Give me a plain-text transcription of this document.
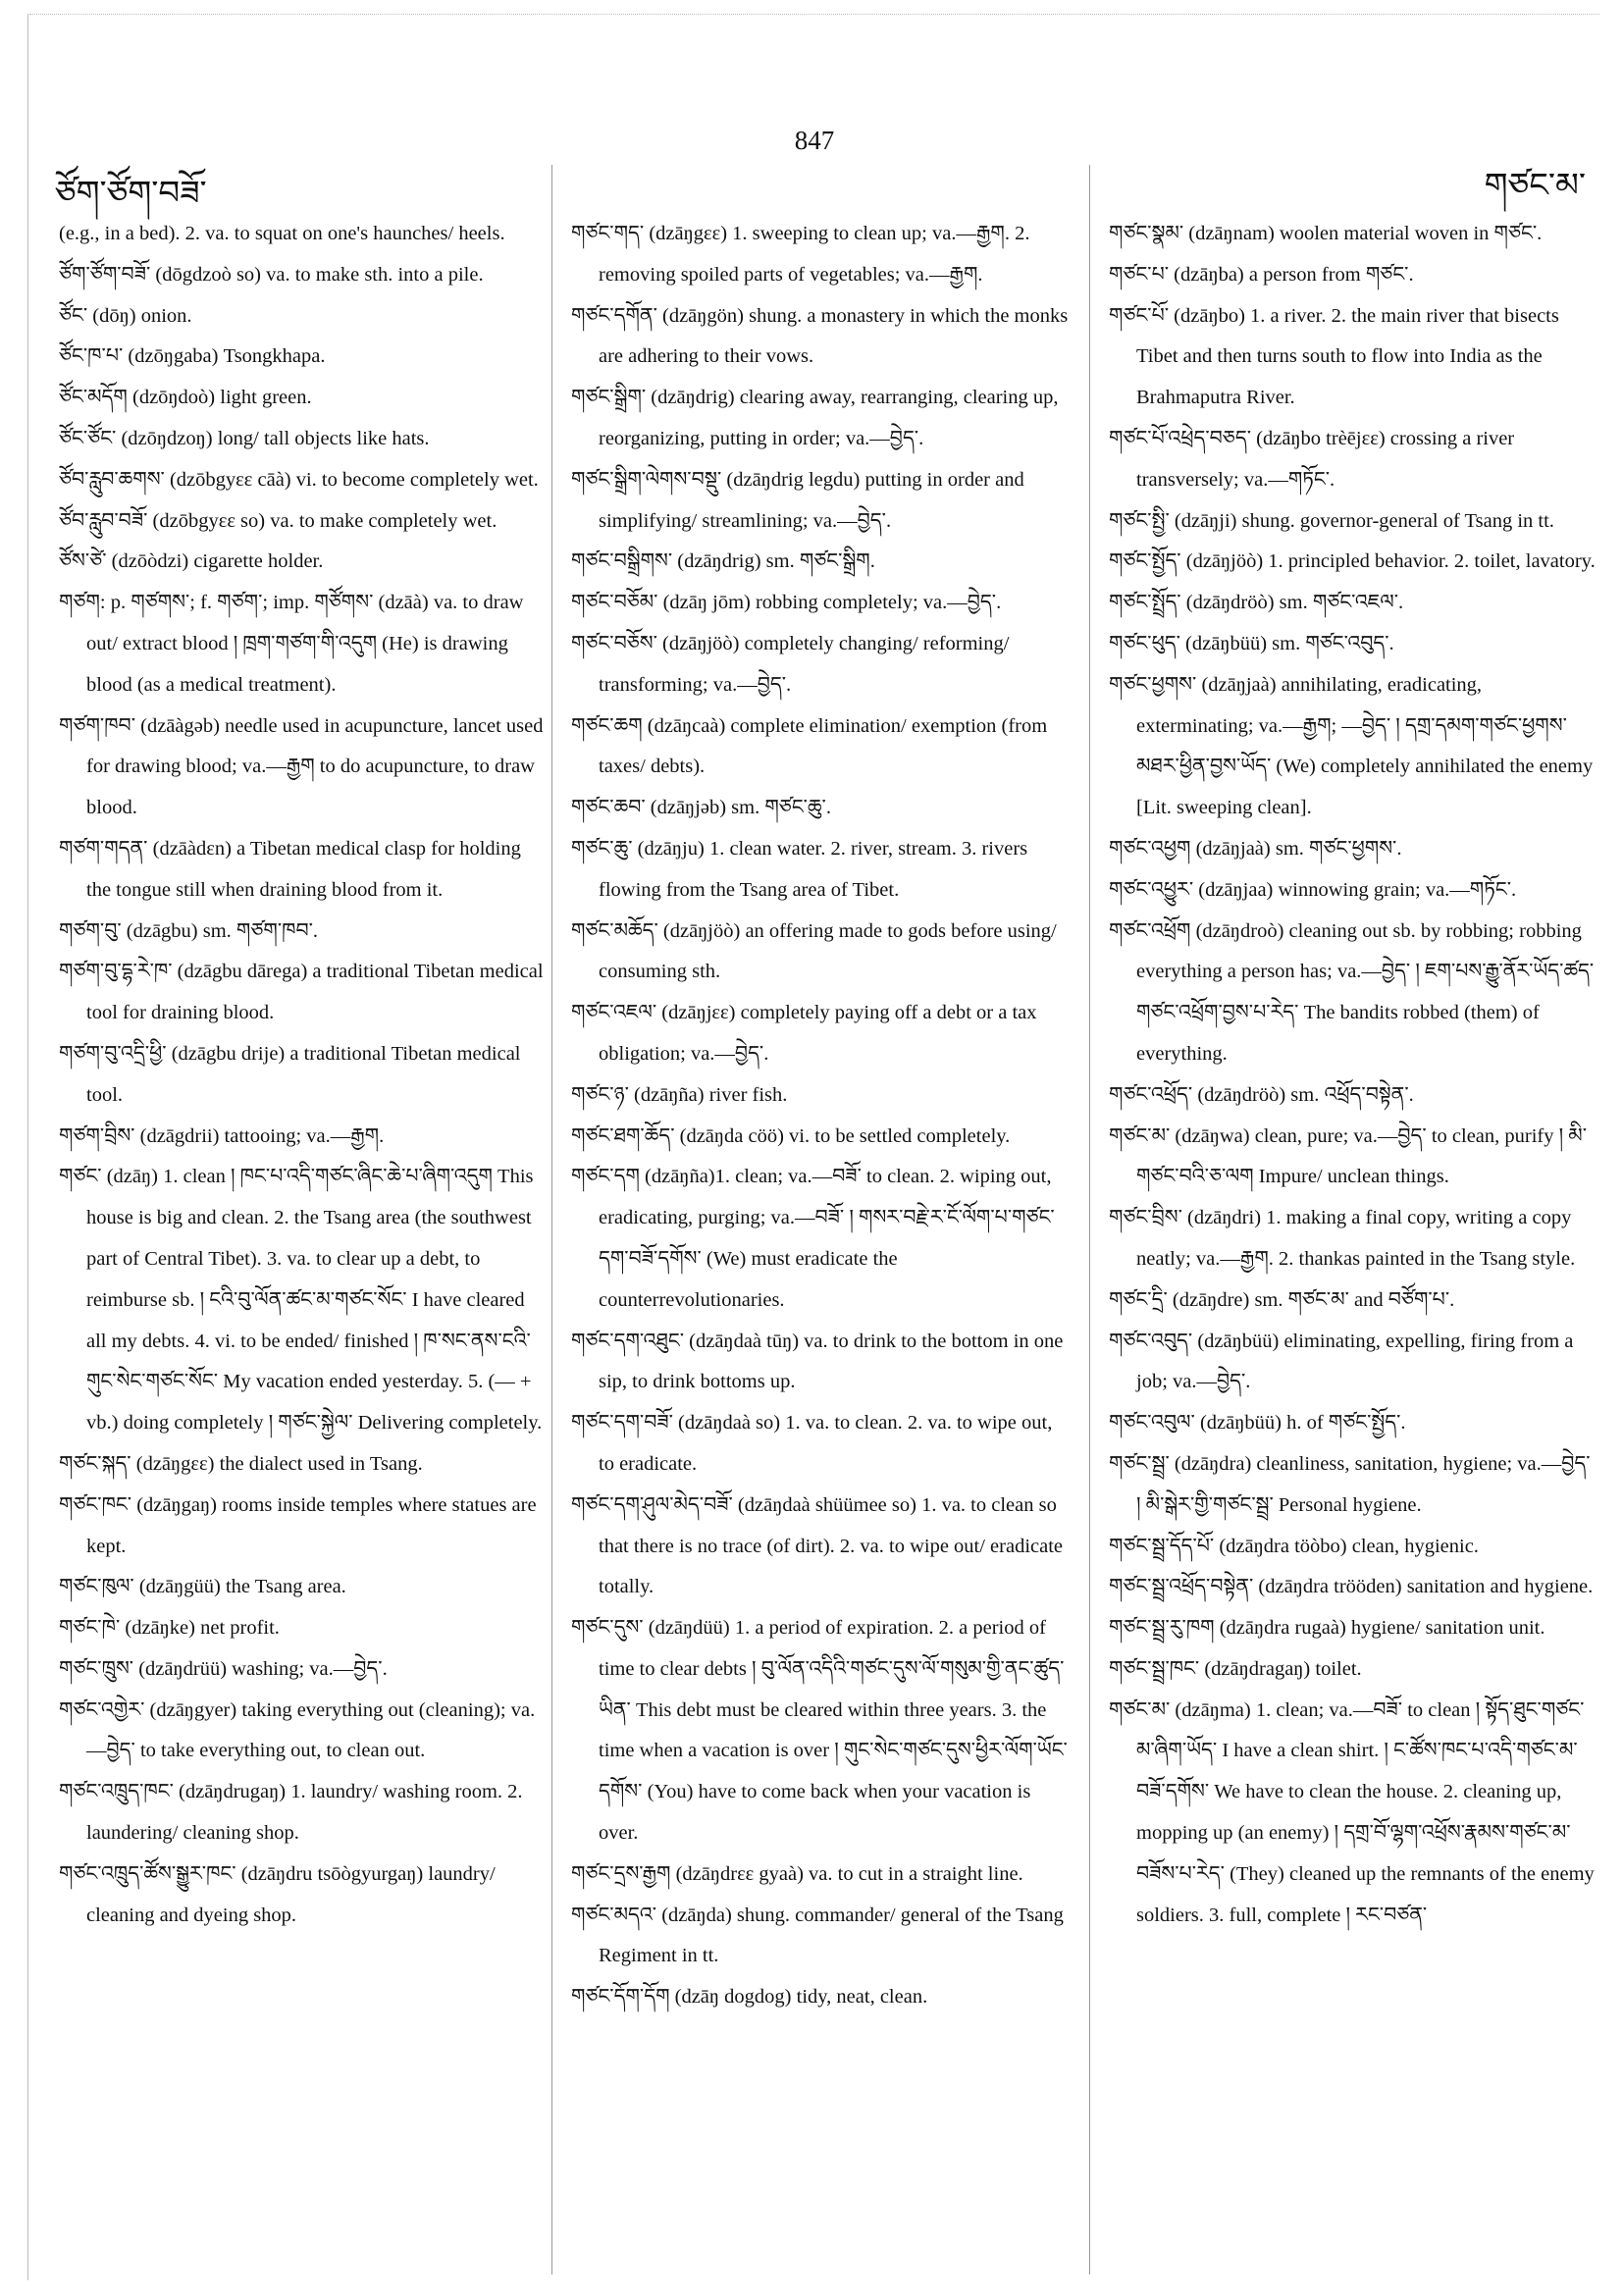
ཙོག་ཙོག་བཟོ་
847
གཙང་མ་

(e.g., in a bed). 2. va. to squat on one's haunches/ heels.

ཙོག་ཙོག་བཟོ་ (dōgdzoò so) va. to make sth. into a pile.

ཙོང་ (dōŋ) onion.

ཙོང་ཁ་པ་ (dzōŋgaba) Tsongkhapa.

ཙོང་མདོག (dzōŋdoò) light green.

ཙོང་ཙོང་ (dzōŋdzoŋ) long/ tall objects like hats.

ཙོབ་རླུབ་ཆགས་ (dzōbgyεε cāà) vi. to become completely wet.

ཙོབ་རླུབ་བཟོ་ (dzōbgyεε so) va. to make completely wet.

ཙོས་ཙེ་ (dzōòdzi) cigarette holder.

གཙག: p. གཙགས་; f. གཙག་; imp. གཙོགས་ (dzāà) va. to draw out/ extract blood ། ཁྲག་གཙག་གི་འདུག (He) is drawing blood (as a medical treatment).

གཙག་ཁབ་ (dzāàgəb) needle used in acupuncture, lancet used for drawing blood; va.—རྒྱག to do acupuncture, to draw blood.

གཙག་གདན་ (dzāàdεn) a Tibetan medical clasp for holding the tongue still when draining blood from it.

གཙག་བུ་ (dzāgbu) sm. གཙག་ཁབ་.

གཙག་བུ་དྷ་རེ་ཁ་ (dzāgbu dārega) a traditional Tibetan medical tool for draining blood.

གཙག་བུ་འདྲི་ཕྱི་ (dzāgbu drije) a traditional Tibetan medical tool.

གཙག་བྲིས་ (dzāgdrii) tattooing; va.—རྒྱག.

གཙང་ (dzāŋ) 1. clean ། ཁང་པ་འདི་གཙང་ཞིང་ཆེ་པ་ཞིག་འདུག This house is big and clean. 2. the Tsang area (the southwest part of Central Tibet). 3. va. to clear up a debt, to reimburse sb. ། ངའི་བུ་ལོན་ཚང་མ་གཙང་སོང་ I have cleared all my debts. 4. vi. to be ended/ finished ། ཁ་སང་ནས་ངའི་གུང་སེང་གཙང་སོང་ My vacation ended yesterday. 5. (— + vb.) doing completely ། གཙང་སྐྱེལ་ Delivering completely.

གཙང་སྐད་ (dzāŋgεε) the dialect used in Tsang.

གཙང་ཁང་ (dzāŋgaŋ) rooms inside temples where statues are kept.

གཙང་ཁུལ་ (dzāŋgüü) the Tsang area.

གཙང་ཁེ་ (dzāŋke) net profit.

གཙང་ཁྲུས་ (dzāŋdrüü) washing; va.—བྱེད་.

གཙང་འགྱེར་ (dzāŋgyer) taking everything out (cleaning); va.—བྱེད་ to take everything out, to clean out.

གཙང་འཁྲུད་ཁང་ (dzāŋdrugaŋ) 1. laundry/ washing room. 2. laundering/ cleaning shop.

གཙང་འཁྲུད་ཚོས་སྒྱུར་ཁང་ (dzāŋdru tsōògyurgaŋ) laundry/ cleaning and dyeing shop.

གཙང་གད་ (dzāŋgεε) 1. sweeping to clean up; va.—རྒྱག. 2. removing spoiled parts of vegetables; va.—རྒྱག.

གཙང་དགོན་ (dzāŋgön) shung. a monastery in which the monks are adhering to their vows.

གཙང་སྒྲིག་ (dzāŋdrig) clearing away, rearranging, clearing up, reorganizing, putting in order; va.—བྱེད་.

གཙང་སྒྲིག་ལེགས་བསྡུ་ (dzāŋdrig legdu) putting in order and simplifying/ streamlining; va.—བྱེད་.

གཙང་བསྒྲིགས་ (dzāŋdrig) sm. གཙང་སྒྲིག.

གཙང་བཅོམ་ (dzāŋ jōm) robbing completely; va.—བྱེད་.

གཙང་བཅོས་ (dzāŋjöò) completely changing/ reforming/ transforming; va.—བྱེད་.

གཙང་ཆག (dzāŋcaà) complete elimination/ exemption (from taxes/ debts).

གཙང་ཆབ་ (dzāŋjəb) sm. གཙང་ཆུ་.

གཙང་ཆུ་ (dzāŋju) 1. clean water. 2. river, stream. 3. rivers flowing from the Tsang area of Tibet.

གཙང་མཆོད་ (dzāŋjöò) an offering made to gods before using/ consuming sth.

གཙང་འཇལ་ (dzāŋjεε) completely paying off a debt or a tax obligation; va.—བྱེད་.

གཙང་ཉ་ (dzāŋña) river fish.

གཙང་ཐག་ཆོད་ (dzāŋda cöö) vi. to be settled completely.

གཙང་དག (dzāŋña)1. clean; va.—བཟོ་ to clean. 2. wiping out, eradicating, purging; va.—བཟོ་ ། གསར་བརྗེ་ར་ངོ་ལོག་པ་གཙང་དག་བཟོ་དགོས་ (We) must eradicate the counterrevolutionaries.

གཙང་དག་འཐུང་ (dzāŋdaà tūŋ) va. to drink to the bottom in one sip, to drink bottoms up.

གཙང་དག་བཟོ་ (dzāŋdaà so) 1. va. to clean. 2. va. to wipe out, to eradicate.

གཙང་དག་ཤུལ་མེད་བཟོ་ (dzāŋdaà shüümee so) 1. va. to clean so that there is no trace (of dirt). 2. va. to wipe out/ eradicate totally.

གཙང་དུས་ (dzāŋdüü) 1. a period of expiration. 2. a period of time to clear debts ། བུ་ལོན་འདིའི་གཙང་དུས་ལོ་གསུམ་གྱི་ནང་ཚུད་ཡིན་ This debt must be cleared within three years. 3. the time when a vacation is over ། གུང་སེང་གཙང་དུས་ཕྱིར་ལོག་ཡོང་དགོས་ (You) have to come back when your vacation is over.

གཙང་དྲས་རྒྱག (dzāŋdrεε gyaà) va. to cut in a straight line.

གཙང་མདའ་ (dzāŋda) shung. commander/ general of the Tsang Regiment in tt.

གཙང་དོག་དོག (dzāŋ dogdog) tidy, neat, clean.

གཙང་སྣམ་ (dzāŋnam) woolen material woven in གཙང་.

གཙང་པ་ (dzāŋba) a person from གཙང་.

གཙང་པོ་ (dzāŋbo) 1. a river. 2. the main river that bisects Tibet and then turns south to flow into India as the Brahmaputra River.

གཙང་པོ་འཕྲེད་བཅད་ (dzāŋbo trèējεε) crossing a river transversely; va.—གཏོང་.

གཙང་སྤྱི་ (dzāŋji) shung. governor-general of Tsang in tt.

གཙང་སྤྱོད་ (dzāŋjöò) 1. principled behavior. 2. toilet, lavatory.

གཙང་སྤྲོད་ (dzāŋdröò) sm. གཙང་འཇལ་.

གཙང་ཕུད་ (dzāŋbüü) sm. གཙང་འབུད་.

གཙང་ཕྱགས་ (dzāŋjaà) annihilating, eradicating, exterminating; va.—རྒྱག; —བྱེད་ ། དགྲ་དམག་གཙང་ཕྱགས་མཐར་ཕྱིན་བྱས་ཡོད་ (We) completely annihilated the enemy [Lit. sweeping clean].

གཙང་འཕྱག (dzāŋjaà) sm. གཙང་ཕྱགས་.

གཙང་འཕྱུར་ (dzāŋjaa) winnowing grain; va.—གཏོང་.

གཙང་འཕྲོག (dzāŋdroò) cleaning out sb. by robbing; robbing everything a person has; va.—བྱེད་ ། ཇག་པས་རྒྱུ་ནོར་ཡོད་ཚད་གཙང་འཕྲོག་བྱས་པ་རེད་ The bandits robbed (them) of everything.

གཙང་འཕྲོད་ (dzāŋdröò) sm. འཕྲོད་བསྟེན་.

གཙང་མ་ (dzāŋwa) clean, pure; va.—བྱེད་ to clean, purify ། མི་གཙང་བའི་ཅ་ལག Impure/ unclean things.

གཙང་བྲིས་ (dzāŋdri) 1. making a final copy, writing a copy neatly; va.—རྒྱག. 2. thankas painted in the Tsang style.

གཙང་དྲི་ (dzāŋdre) sm. གཙང་མ་ and བཙོག་པ་.

གཙང་འབུད་ (dzāŋbüü) eliminating, expelling, firing from a job; va.—བྱེད་.

གཙང་འབུལ་ (dzāŋbüü) h. of གཙང་སྤྱོད་.

གཙང་སྦྲ་ (dzāŋdra) cleanliness, sanitation, hygiene; va.—བྱེད་ ། མི་སྒེར་གྱི་གཙང་སྦྲ་ Personal hygiene.

གཙང་སྦྲ་དོད་པོ་ (dzāŋdra töòbo) clean, hygienic.

གཙང་སྦྲ་འཕྲོད་བསྟེན་ (dzāŋdra trööden) sanitation and hygiene.

གཙང་སྦྲ་རུ་ཁག (dzāŋdra rugaà) hygiene/ sanitation unit.

གཙང་སྦྲ་ཁང་ (dzāŋdragaŋ) toilet.

གཙང་མ་ (dzāŋma) 1. clean; va.—བཟོ་ to clean ། སྟོད་ཐུང་གཙང་མ་ཞིག་ཡོད་ I have a clean shirt. ། ང་ཚོས་ཁང་པ་འདི་གཙང་མ་བཟོ་དགོས་ We have to clean the house. 2. cleaning up, mopping up (an enemy) ། དགྲ་བོ་ལྷག་འཕྲོས་རྣམས་གཙང་མ་བཟོས་པ་རེད་ (They) cleaned up the remnants of the enemy soldiers. 3. full, complete ། རང་བཙན་
